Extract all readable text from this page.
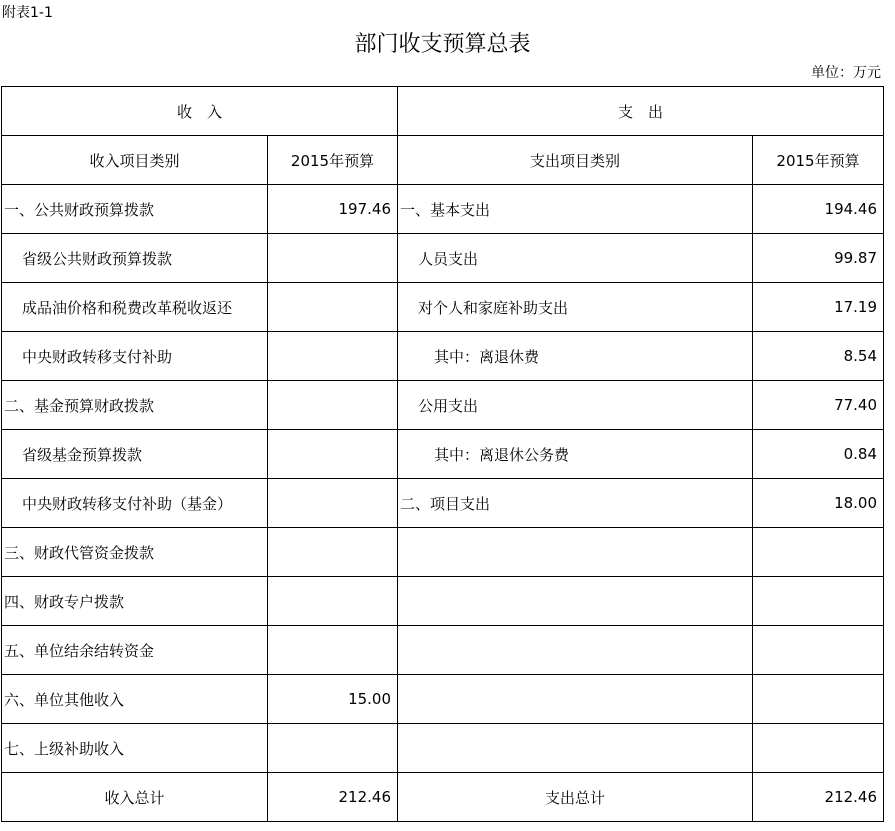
附表1-1
部门收支预算总表
单位：万元
收　入		支　出	
收入项目类别	2015年预算	支出项目类别	2015年预算
一、公共财政预算拨款	197.46	一、基本支出	194.46
省级公共财政预算拨款		人员支出	99.87
成品油价格和税费改革税收返还		对个人和家庭补助支出	17.19
中央财政转移支付补助		其中：离退休费	8.54
二、基金预算财政拨款		公用支出	77.40
省级基金预算拨款		其中：离退休公务费	0.84
中央财政转移支付补助（基金）		二、项目支出	18.00
三、财政代管资金拨款			
四、财政专户拨款			
五、单位结余结转资金			
六、单位其他收入	15.00		
七、上级补助收入			
收入总计	212.46	支出总计	212.46
